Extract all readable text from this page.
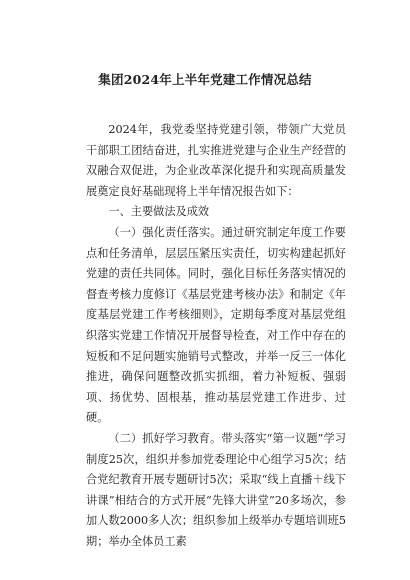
集团2024年上半年党建工作情况总结

2024年，我党委坚持党建引领，带领广大党员干部职工团结奋进，扎实推进党建与企业生产经营的双融合双促进，为企业改革深化提升和实现高质量发展奠定良好基础现将上半年情况报告如下：

一、主要做法及成效

（一）强化责任落实。通过研究制定年度工作要点和任务清单，层层压紧压实责任，切实构建起抓好党建的责任共同体。同时，强化目标任务落实情况的督查考核力度修订《基层党建考核办法》和制定《年度基层党建工作考核细则》，定期每季度对基层党组织落实党建工作情况开展督导检查，对工作中存在的短板和不足问题实施销号式整改，并举一反三一体化推进，确保问题整改抓实抓细，着力补短板、强弱项、扬优势、固根基，推动基层党建工作进步、过硬。

（二）抓好学习教育。带头落实“第一议题”学习制度25次，组织并参加党委理论中心组学习5次；结合党纪教育开展专题研讨5次；采取“线上直播＋线下讲课”相结合的方式开展“先锋大讲堂”20多场次，参加人数2000多人次；组织参加上级举办专题培训班5期；举办全体员工素
